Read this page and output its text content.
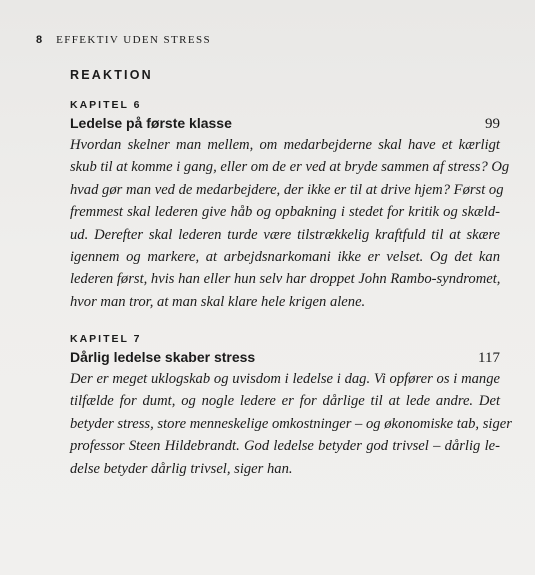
8 EFFEKTIV UDEN STRESS
REAKTION
KAPITEL 6
Ledelse på første klasse	99
Hvordan skelner man mellem, om medarbejderne skal have et kærligt
skub til at komme i gang, eller om de er ved at bryde sammen af stress? Og
hvad gør man ved de medarbejdere, der ikke er til at drive hjem? Først og
fremmest skal lederen give håb og opbakning i stedet for kritik og skæld-
ud. Derefter skal lederen turde være tilstrækkelig kraftfuld til at skære
igennem og markere, at arbejdsnarkomani ikke er velset. Og det kan
lederen først, hvis han eller hun selv har droppet John Rambo-syndromet,
hvor man tror, at man skal klare hele krigen alene.
KAPITEL 7
Dårlig ledelse skaber stress	117
Der er meget uklogskab og uvisdom i ledelse i dag. Vi opfører os i mange
tilfælde for dumt, og nogle ledere er for dårlige til at lede andre. Det
betyder stress, store menneskelige omkostninger – og økonomiske tab, siger
professor Steen Hildebrandt. God ledelse betyder god trivsel – dårlig le-
delse betyder dårlig trivsel, siger han.
